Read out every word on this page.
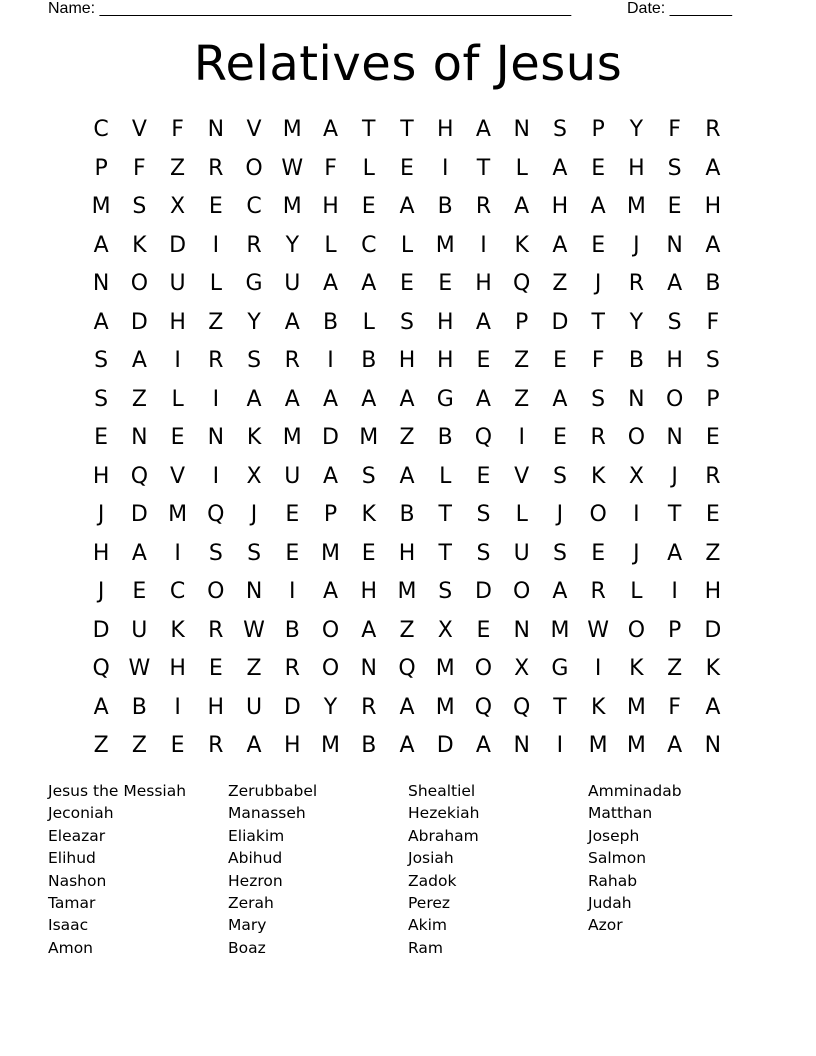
Name: _____________________________________________________	Date: _______
Relatives of Jesus
C	V	F	N	V M A	T	T	H	A	N	S	P	Y	F	R
P	F	Z	R O W F	L	E	I	T	L	A	E	H	S	A
M S	X	E	C M H	E	A	B	R	A	H	A M E	H
A	K	D	I	R	Y	L	C	L	M	I	K	A	E	J	N	A
N O U	L	G U	A	A	E	E	H Q	Z	J	R	A	B
A	D H	Z	Y	A	B	L	S	H	A	P	D	T	Y	S	F
S	A	I	R	S	R	I	B	H H	E	Z	E	F	B	H	S
S	Z	L	I	A	A	A	A	A	G	A	Z	A	S	N O	P
E	N	E	N	K M D M Z	B	Q	I	E	R O N	E
H Q	V	I	X	U	A	S	A	L	E	V	S	K	X	J	R
J	D M Q	J	E	P	K	B	T	S	L	J	O	I	T	E
H	A	I	S	S	E M E	H	T	S	U	S	E	J	A	Z
J	E	C O N	I	A	H M S	D O	A	R	L	I	H
D U	K	R W B	O	A	Z	X	E	N M W O	P	D
Q W H	E	Z	R O N Q M O	X	G	I	K	Z	K
A	B	I	H U D	Y	R	A M Q Q	T	K M	F	A
Z	Z	E	R	A	H M B	A	D	A	N	I	M M A	N
Jesus the Messiah
Jeconiah
Eleazar
Elihud
Nashon
Tamar
Isaac
Amon
Zerubbabel
Manasseh
Eliakim
Abihud
Hezron
Zerah
Mary
Boaz
Shealtiel
Hezekiah
Abraham
Josiah
Zadok
Perez
Akim
Ram
Amminadab
Matthan
Joseph
Salmon
Rahab
Judah
Azor
